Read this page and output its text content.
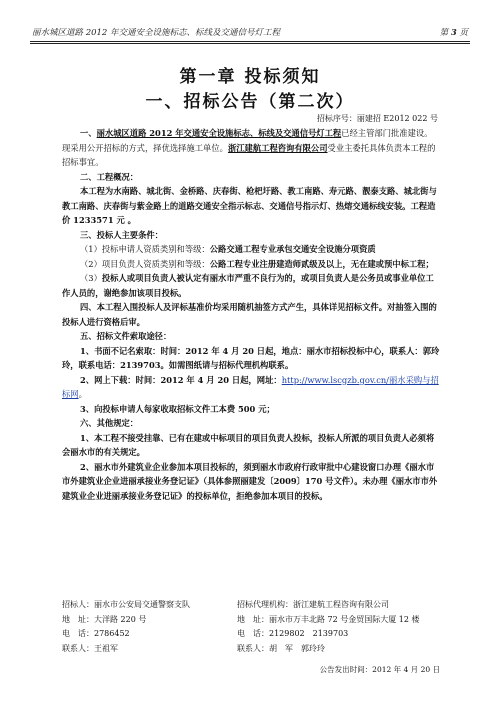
丽水城区道路 2012 年交通安全设施标志、标线及交通信号灯工程	第 3 页
第一章 投标须知
一、招标公告（第二次）
招标序号：丽建招 E2012 022 号

一、丽水城区道路 2012 年交通安全设施标志、标线及交通信号灯工程已经主管部门批准建设。现采用公开招标的方式，择优选择施工单位。浙江建航工程咨询有限公司受业主委托具体负责本工程的招标事宜。

二、工程概况：

本工程为水南路、城北街、金桥路、庆春街、枪杷圩路、教工南路、寿元路、靓泰支路、城北街与教工南路、庆春街与紫金路上的道路交通安全指示标志、交通信号指示灯、热熔交通标线安装。工程造价 1233571 元 。

三、投标人主要条件：

（1）投标申请人资质类别和等级：公路交通工程专业承包交通安全设施分项资质

（2）项目负责人资质类别和等级：公路工程专业注册建造师贰级及以上，无在建或预中标工程；

（3）投标人或项目负责人被认定有丽水市严重不良行为的，或项目负责人是公务员或事业单位工作人员的，谢绝参加该项目投标。

四、本工程入围投标人及评标基准价均采用随机抽签方式产生，具体详见招标文件。对抽签入围的投标人进行资格后审。

五、招标文件索取途径：

1、书面不记名索取：时间：2012 年 4 月 20 日起，地点：丽水市招标投标中心，联系人：郭玲玲，联系电话：2139703。如需图纸请与招标代理机构联系。

2、网上下载：时间：2012 年 4 月 20 日起，网址：http://www.lscgzb.gov.cn/丽水采购与招标网。

3、向投标申请人每家收取招标文件工本费 500 元；

六、其他规定：

1、本工程不接受挂靠、已有在建或中标项目的项目负责人投标，投标人所派的项目负责人必须将会丽水市的有关规定。

2、丽水市外建筑业企业参加本项目投标的，须到丽水市政府行政审批中心建设窗口办理《丽水市市外建筑业企业进丽承接业务登记证》（具体参照丽建发〔2009〕170 号文件）。未办理《丽水市市外建筑业企业进丽承接业务登记证》的投标单位，拒绝参加本项目的投标。

招标人：丽水市公安局交通警察支队
地　址：大洋路 220 号
电　话：2786452
联系人：王祖军
招标代理机构：浙江建航工程咨询有限公司
地　址：丽水市万丰北路 72 号金贸国际大厦 12 楼
电　话：2129802　2139703
联系人：胡　军　郭玲玲
公告发出时间：2012 年 4 月 20 日
